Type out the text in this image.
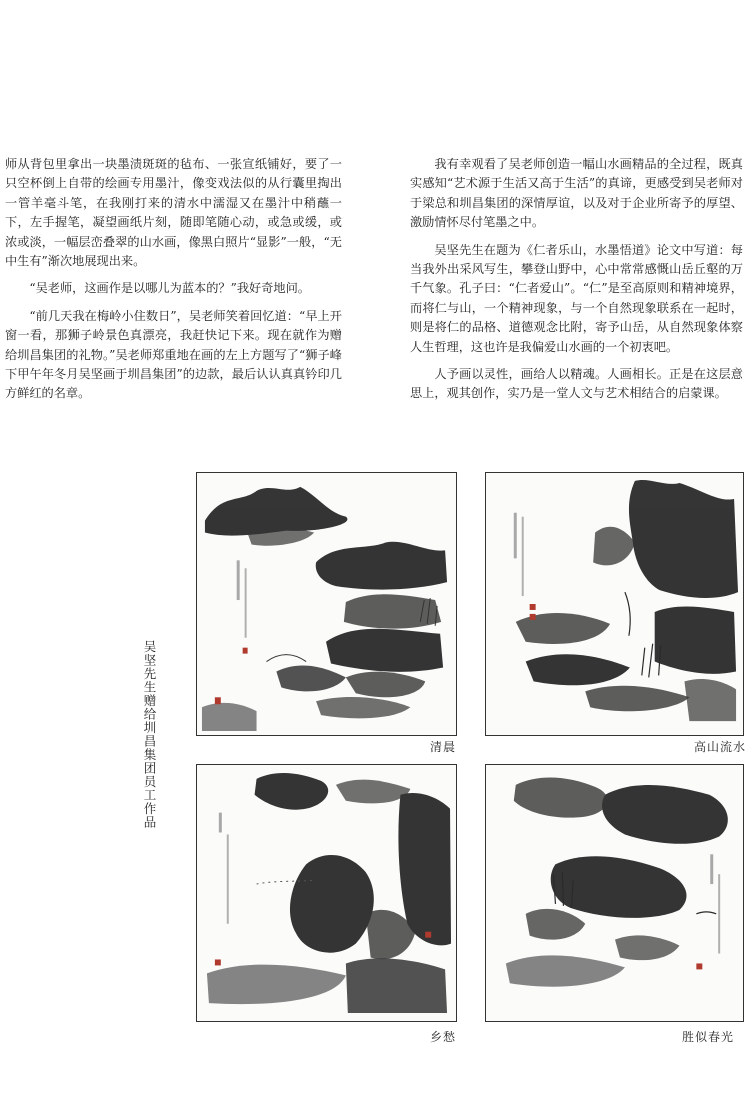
师从背包里拿出一块墨渍斑斑的毡布、一张宣纸铺好，要了一只空杯倒上自带的绘画专用墨汁，像变戏法似的从行囊里掏出一管羊毫斗笔，在我刚打来的清水中濡湿又在墨汁中稍蘸一下，左手握笔，凝望画纸片刻，随即笔随心动，或急或缓，或浓或淡，一幅层峦叠翠的山水画，像黑白照片“显影”一般，“无中生有”渐次地展现出来。

“吴老师，这画作是以哪儿为蓝本的？”我好奇地问。

“前几天我在梅岭小住数日”，吴老师笑着回忆道：“早上开窗一看，那狮子岭景色真漂亮，我赶快记下来。现在就作为赠给圳昌集团的礼物。”吴老师郑重地在画的左上方题写了“狮子峰下甲午年冬月吴坚画于圳昌集团”的边款，最后认认真真钤印几方鲜红的名章。

我有幸观看了吴老师创造一幅山水画精品的全过程，既真实感知“艺术源于生活又高于生活”的真谛，更感受到吴老师对于梁总和圳昌集团的深情厚谊，以及对于企业所寄予的厚望、激励情怀尽付笔墨之中。

吴坚先生在题为《仁者乐山，水墨悟道》论文中写道：每当我外出采风写生，攀登山野中，心中常常感慨山岳丘壑的万千气象。孔子曰：“仁者爱山”。“仁”是至高原则和精神境界，而将仁与山，一个精神现象，与一个自然现象联系在一起时，则是将仁的品格、道德观念比附，寄予山岳，从自然现象体察人生哲理，这也许是我偏爱山水画的一个初衷吧。

人予画以灵性，画给人以精魂。人画相长。正是在这层意思上，观其创作，实乃是一堂人文与艺术相结合的启蒙课。

吴坚先生赠给圳昌集团员工作品	清晨	高山流水
乡愁	胜似春光
